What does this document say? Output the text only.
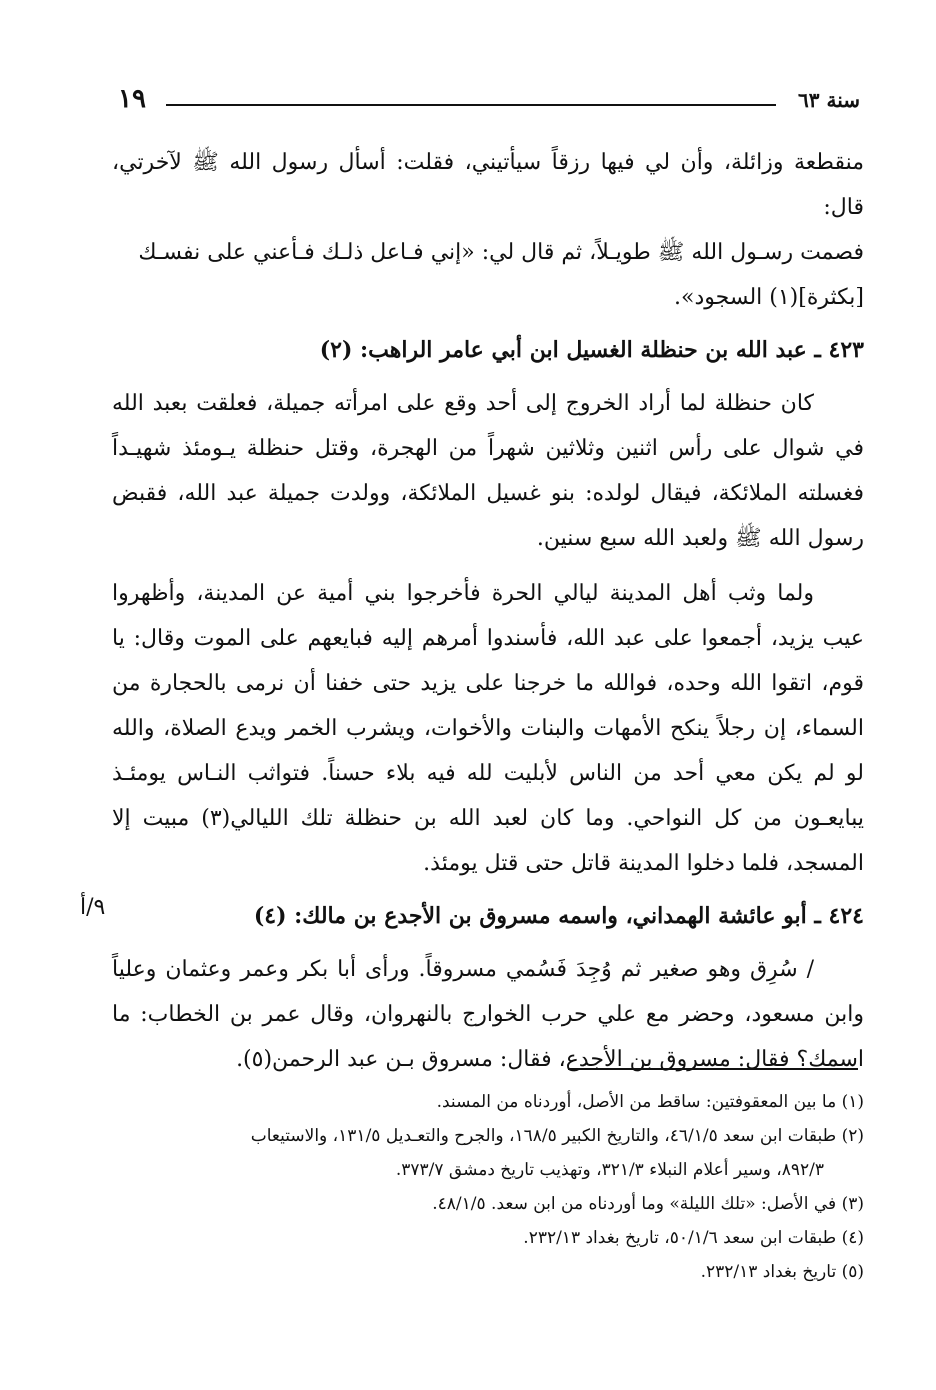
سنة ٦٣
١٩

منقطعة وزائلة، وأن لي فيها رزقاً سيأتيني، فقلت: أسأل رسول الله ﷺ لآخرتي، قال:

فصمت رسـول الله ﷺ طويـلاً، ثم قال لي: «إني فـاعل ذلـك فـأعني على نفسـك

[بكثرة](١) السجود».

٤٢٣ ـ عبد الله بن حنظلة الغسيل ابن أبي عامر الراهب: (٢)

كان حنظلة لما أراد الخروج إلى أحد وقع على امرأته جميلة، فعلقت بعبد الله في شوال على رأس اثنين وثلاثين شهراً من الهجرة، وقتل حنظلة يـومئذ شهيـداً فغسلته الملائكة، فيقال لولده: بنو غسيل الملائكة، وولدت جميلة عبد الله، فقبض رسول الله ﷺ ولعبد الله سبع سنين.

ولما وثب أهل المدينة ليالي الحرة فأخرجوا بني أمية عن المدينة، وأظهروا عيب يزيد، أجمعوا على عبد الله، فأسندوا أمرهم إليه فبايعهم على الموت وقال: يا قوم، اتقوا الله وحده، فوالله ما خرجنا على يزيد حتى خفنا أن نرمى بالحجارة من السماء، إن رجلاً ينكح الأمهات والبنات والأخوات، ويشرب الخمر ويدع الصلاة، والله لو لم يكن معي أحد من الناس لأبليت لله فيه بلاء حسناً. فتواثب النـاس يومئـذ يبايعـون من كل النواحي. وما كان لعبد الله بن حنظلة تلك الليالي(٣) مبيت إلا المسجد، فلما دخلوا المدينة قاتل حتى قتل يومئذ.

٤٢٤ ـ أبو عائشة الهمداني، واسمه مسروق بن الأجدع بن مالك: (٤)

/ سُرِق وهو صغير ثم وُجِدَ فَسُمي مسروقاً. ورأى أبا بكر وعمر وعثمان وعلياً وابن مسعود، وحضر مع علي حرب الخوارج بالنهروان، وقال عمر بن الخطاب: ما اسمك؟ فقال: مسروق بن الأجدع، فقال: مسروق بـن عبد الرحمن(٥).

٩/أ

(١) ما بين المعقوفتين: ساقط من الأصل، أوردناه من المسند.

(٢) طبقات ابن سعد ٤٦/١/٥، والتاريخ الكبير ١٦٨/٥، والجرح والتعـديل ١٣١/٥، والاستيعاب

٨٩٢/٣، وسير أعلام النبلاء ٣٢١/٣، وتهذيب تاريخ دمشق ٣٧٣/٧.

(٣) في الأصل: «تلك الليلة» وما أوردناه من ابن سعد. ٤٨/١/٥.

(٤) طبقات ابن سعد ٥٠/١/٦، تاريخ بغداد ٢٣٢/١٣.

(٥) تاريخ بغداد ٢٣٢/١٣.
